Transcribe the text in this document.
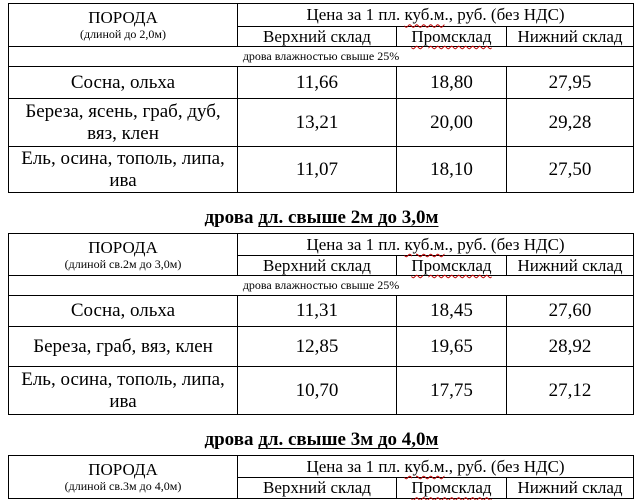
ПОРОДА
(длиной до 2,0м)	Цена за 1 пл. куб.м., руб. (без НДС)		
	Верхний склад	Промсклад	Нижний склад
дрова влажностью свыше 25%			
Сосна, ольха	11,66	18,80	27,95
Береза, ясень, граб, дуб, вяз, клен	13,21	20,00	29,28
Ель, осина, тополь, липа, ива	11,07	18,10	27,50

дрова дл. свыше 2м до 3,0м

ПОРОДА
(длиной св.2м до 3,0м)	Цена за 1 пл. куб.м., руб. (без НДС)		
	Верхний склад	Промсклад	Нижний склад
дрова влажностью свыше 25%			
Сосна, ольха	11,31	18,45	27,60
Береза, граб, вяз, клен	12,85	19,65	28,92
Ель, осина, тополь, липа, ива	10,70	17,75	27,12

дрова дл. свыше 3м до 4,0м

ПОРОДА
(длиной св.3м до 4,0м)	Цена за 1 пл. куб.м., руб. (без НДС)		
	Верхний склад	Промсклад	Нижний склад
